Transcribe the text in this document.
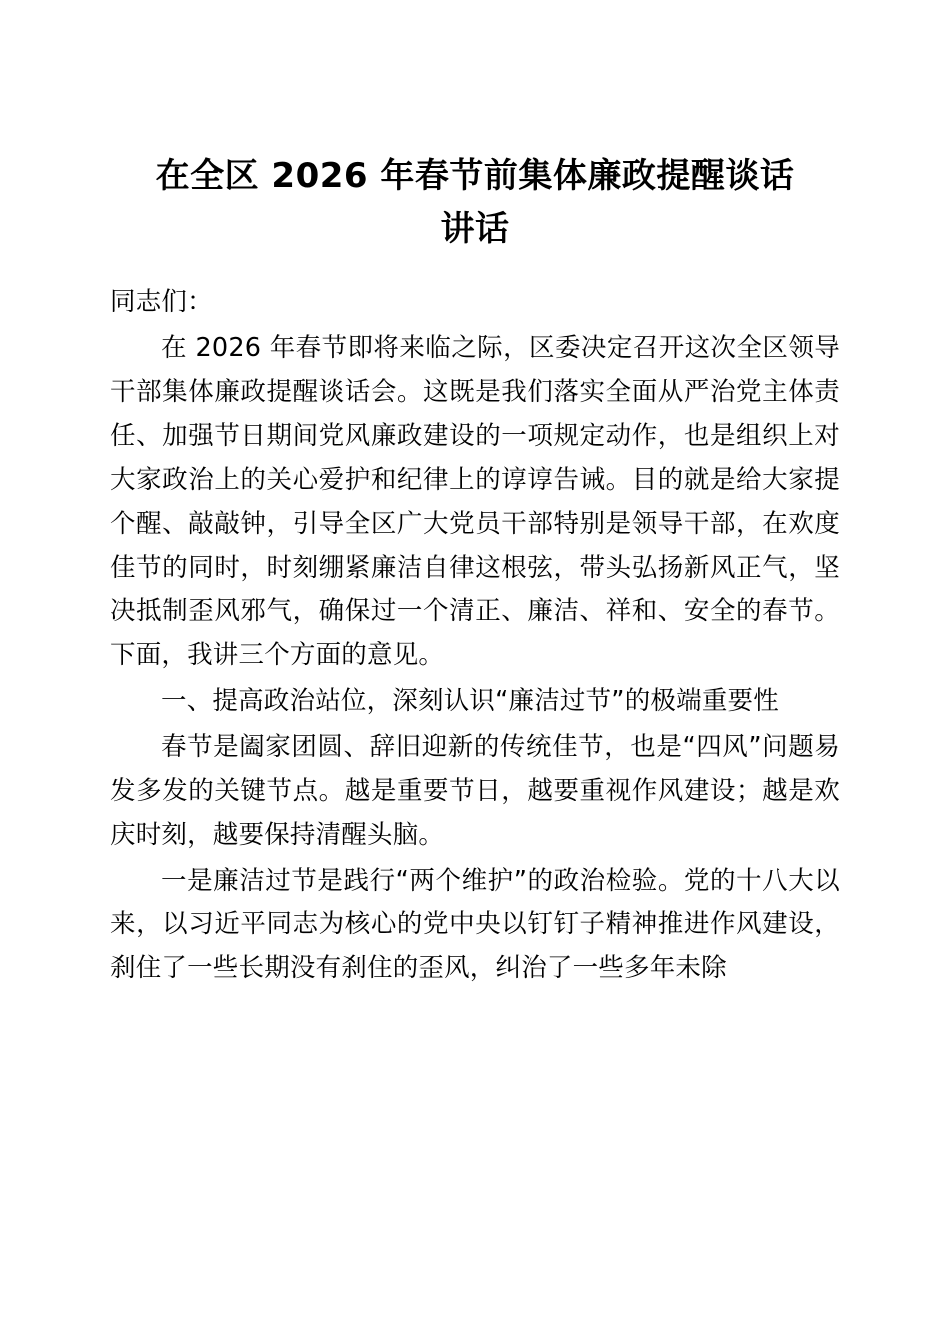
在全区 2026 年春节前集体廉政提醒谈话
讲话

同志们：

在 2026 年春节即将来临之际，区委决定召开这次全区领导干部集体廉政提醒谈话会。这既是我们落实全面从严治党主体责任、加强节日期间党风廉政建设的一项规定动作，也是组织上对大家政治上的关心爱护和纪律上的谆谆告诫。目的就是给大家提个醒、敲敲钟，引导全区广大党员干部特别是领导干部，在欢度佳节的同时，时刻绷紧廉洁自律这根弦，带头弘扬新风正气，坚决抵制歪风邪气，确保过一个清正、廉洁、祥和、安全的春节。下面，我讲三个方面的意见。

一、提高政治站位，深刻认识“廉洁过节”的极端重要性

春节是阖家团圆、辞旧迎新的传统佳节，也是“四风”问题易发多发的关键节点。越是重要节日，越要重视作风建设；越是欢庆时刻，越要保持清醒头脑。

一是廉洁过节是践行“两个维护”的政治检验。党的十八大以来，以习近平同志为核心的党中央以钉钉子精神推进作风建设，刹住了一些长期没有刹住的歪风，纠治了一些多年未除
